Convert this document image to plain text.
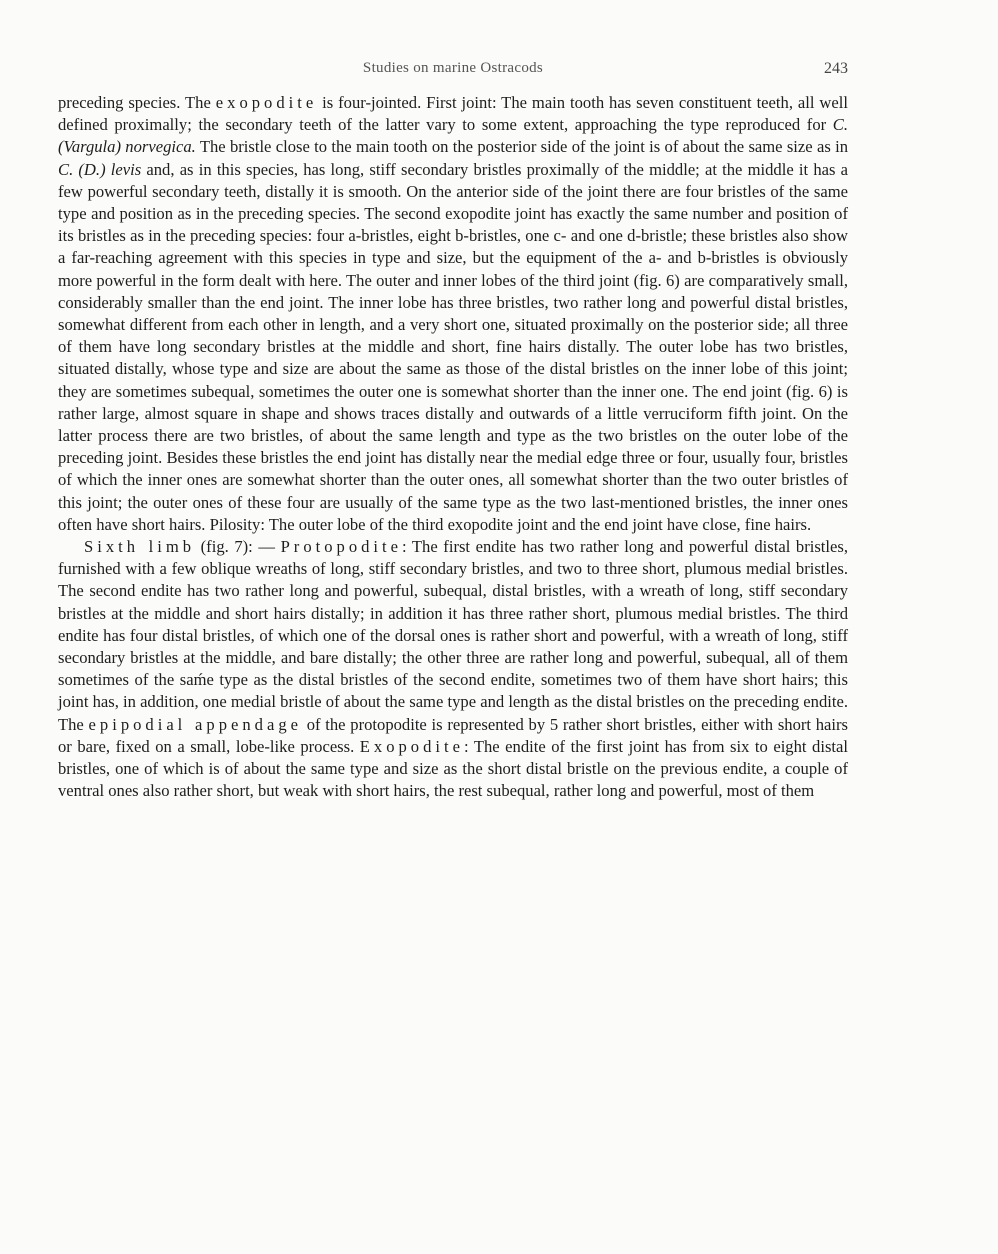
Studies on marine Ostracods	243

preceding species. The exopodite is four-jointed. First joint: The main tooth has seven constituent teeth, all well defined proximally; the secondary teeth of the latter vary to some extent, approaching the type reproduced for C. (Vargula) norvegica. The bristle close to the main tooth on the posterior side of the joint is of about the same size as in C. (D.) levis and, as in this species, has long, stiff secondary bristles proximally of the middle; at the middle it has a few powerful secondary teeth, distally it is smooth. On the anterior side of the joint there are four bristles of the same type and position as in the preceding species. The second exopodite joint has exactly the same number and position of its bristles as in the preceding species: four a-bristles, eight b-bristles, one c- and one d-bristle; these bristles also show a far-reaching agreement with this species in type and size, but the equipment of the a- and b-bristles is obviously more powerful in the form dealt with here. The outer and inner lobes of the third joint (fig. 6) are comparatively small, considerably smaller than the end joint. The inner lobe has three bristles, two rather long and powerful distal bristles, somewhat different from each other in length, and a very short one, situated proximally on the posterior side; all three of them have long secondary bristles at the middle and short, fine hairs distally. The outer lobe has two bristles, situated distally, whose type and size are about the same as those of the distal bristles on the inner lobe of this joint; they are sometimes subequal, sometimes the outer one is somewhat shorter than the inner one. The end joint (fig. 6) is rather large, almost square in shape and shows traces distally and outwards of a little verruciform fifth joint. On the latter process there are two bristles, of about the same length and type as the two bristles on the outer lobe of the preceding joint. Besides these bristles the end joint has distally near the medial edge three or four, usually four, bristles of which the inner ones are somewhat shorter than the outer ones, all somewhat shorter than the two outer bristles of this joint; the outer ones of these four are usually of the same type as the two last-mentioned bristles, the inner ones often have short hairs. Pilosity: The outer lobe of the third exopodite joint and the end joint have close, fine hairs.

Sixth limb (fig. 7): — Protopodite: The first endite has two rather long and powerful distal bristles, furnished with a few oblique wreaths of long, stiff secondary bristles, and two to three short, plumous medial bristles. The second endite has two rather long and powerful, subequal, distal bristles, with a wreath of long, stiff secondary bristles at the middle and short hairs distally; in addition it has three rather short, plumous medial bristles. The third endite has four distal bristles, of which one of the dorsal ones is rather short and powerful, with a wreath of long, stiff secondary bristles at the middle, and bare distally; the other three are rather long and powerful, subequal, all of them sometimes of the saḿe type as the distal bristles of the second endite, sometimes two of them have short hairs; this joint has, in addition, one medial bristle of about the same type and length as the distal bristles on the preceding endite. The epipodial appendage of the protopodite is represented by 5 rather short bristles, either with short hairs or bare, fixed on a small, lobe-like process. Exopodite: The endite of the first joint has from six to eight distal bristles, one of which is of about the same type and size as the short distal bristle on the previous endite, a couple of ventral ones also rather short, but weak with short hairs, the rest subequal, rather long and powerful, most of them
